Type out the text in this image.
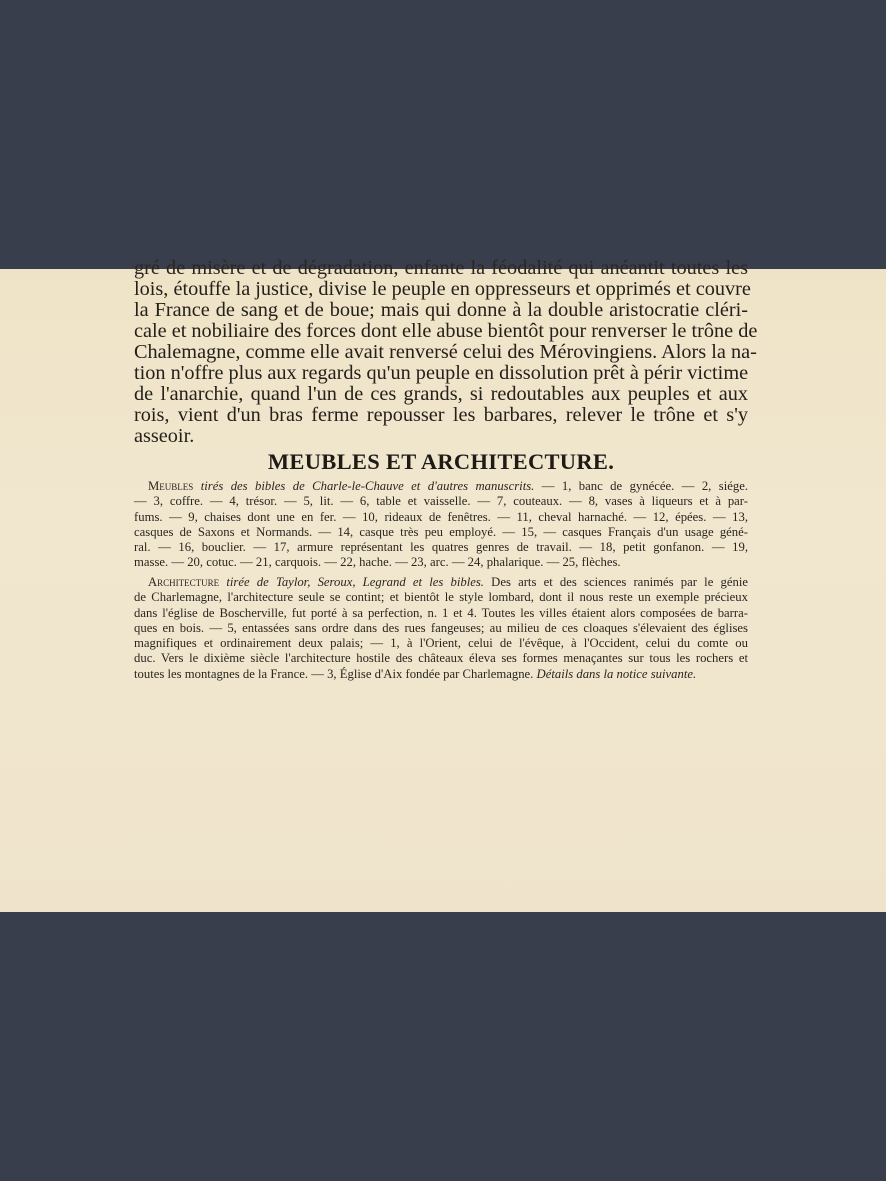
gré de misère et de dégradation, enfante la féodalité qui anéantit toutes les
lois, étouffe la justice, divise le peuple en oppresseurs et opprimés et couvre
la France de sang et de boue; mais qui donne à la double aristocratie cléri-
cale et nobiliaire des forces dont elle abuse bientôt pour renverser le trône de
Chalemagne, comme elle avait renversé celui des Mérovingiens. Alors la na-
tion n'offre plus aux regards qu'un peuple en dissolution prêt à périr victime
de l'anarchie, quand l'un de ces grands, si redoutables aux peuples et aux
rois, vient d'un bras ferme repousser les barbares, relever le trône et s'y
asseoir.
MEUBLES ET ARCHITECTURE.
Meubles tirés des bibles de Charle-le-Chauve et d'autres manuscrits. — 1, banc de gynécée. — 2, siége.
— 3, coffre. — 4, trésor. — 5, lit. — 6, table et vaisselle. — 7, couteaux. — 8, vases à liqueurs et à par-
fums. — 9, chaises dont une en fer. — 10, rideaux de fenêtres. — 11, cheval harnaché. — 12, épées. — 13,
casques de Saxons et Normands. — 14, casque très peu employé. — 15, — casques Français d'un usage géné-
ral. — 16, bouclier. — 17, armure représentant les quatres genres de travail. — 18, petit gonfanon. — 19,
masse. — 20, cotuc. — 21, carquois. — 22, hache. — 23, arc. — 24, phalarique. — 25, flèches.
Architecture tirée de Taylor, Seroux, Legrand et les bibles. Des arts et des sciences ranimés par le génie
de Charlemagne, l'architecture seule se contint; et bientôt le style lombard, dont il nous reste un exemple précieux
dans l'église de Boscherville, fut porté à sa perfection, n. 1 et 4. Toutes les villes étaient alors composées de barra-
ques en bois. — 5, entassées sans ordre dans des rues fangeuses; au milieu de ces cloaques s'élevaient des églises
magnifiques et ordinairement deux palais; — 1, à l'Orient, celui de l'évêque, à l'Occident, celui du comte ou
duc. Vers le dixième siècle l'architecture hostile des châteaux éleva ses formes menaçantes sur tous les rochers et
toutes les montagnes de la France. — 3, Église d'Aix fondée par Charlemagne. Détails dans la notice suivante.
